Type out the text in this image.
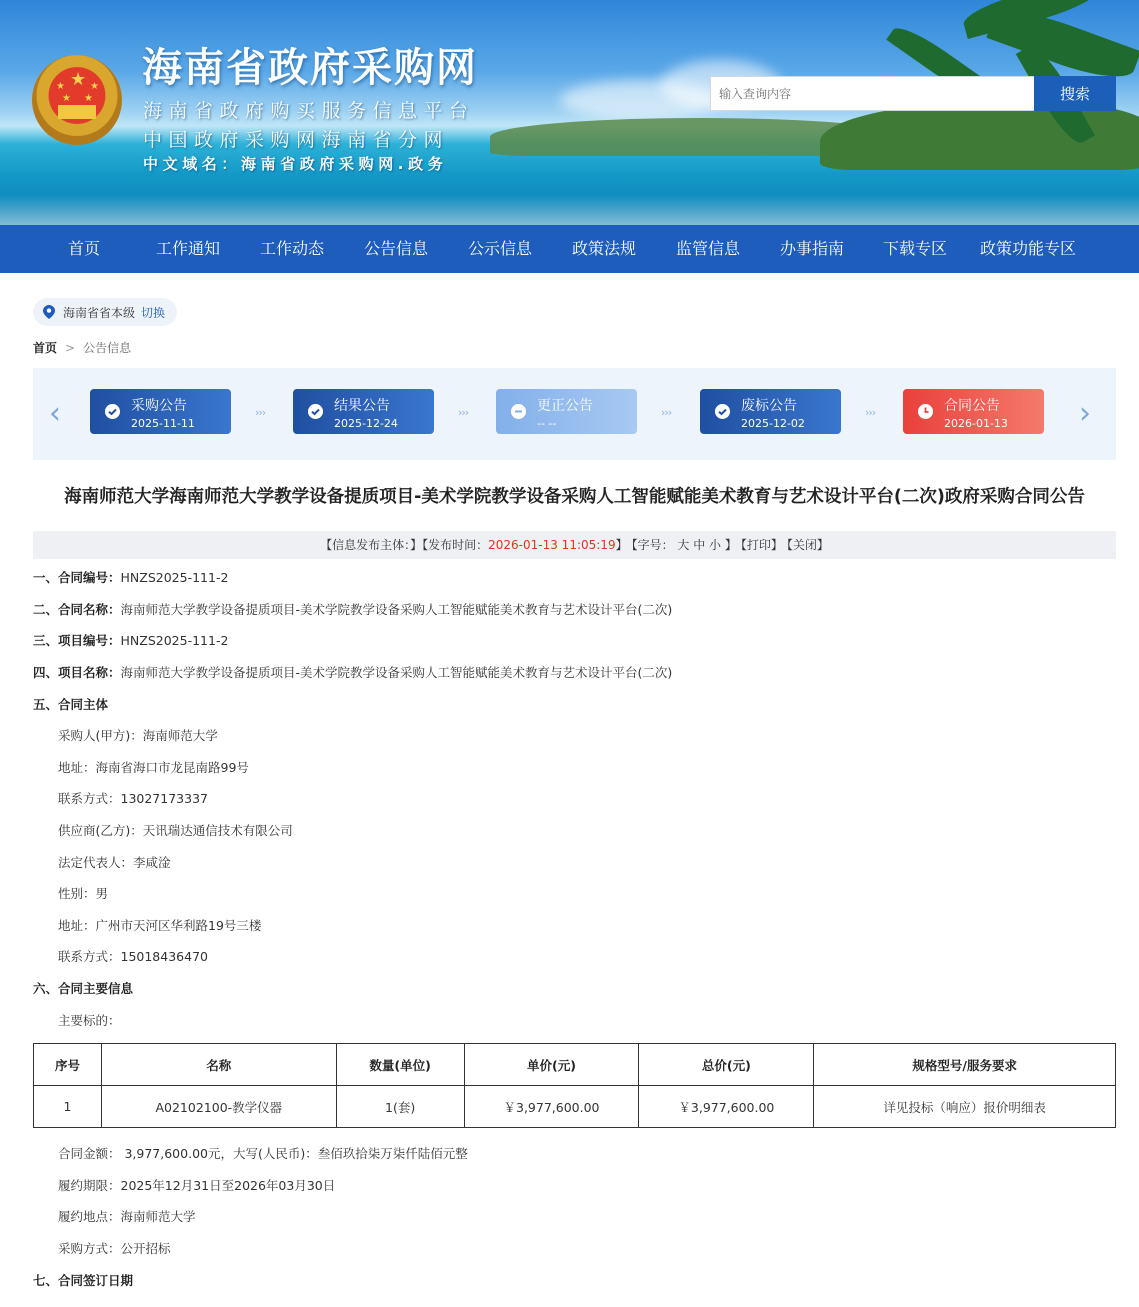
★
★	★
★ ★
海南省政府采购网
海南省政府购买服务信息平台
中国政府采购网海南省分网
中文域名：海南省政府采购网.政务
输入查询内容
搜索
首页	工作通知	工作动态	公告信息	公示信息	政策法规	监管信息	办事指南	下载专区	政策功能专区
海南省省本级 切换
首页 > 公告信息
‹	›
采购公告
2025-11-11
›››	结果公告
2025-12-24
›››	更正公告
-- --
›››	废标公告
2025-12-02
›››	合同公告
2026-01-13
海南师范大学海南师范大学教学设备提质项目-美术学院教学设备采购人工智能赋能美术教育与艺术设计平台(二次)政府采购合同公告
【信息发布主体：】【发布时间：2026-01-13 11:05:19】 【字号： 大 中 小 】 【打印】 【关闭】
一、合同编号：HNZS2025-111-2
二、合同名称：海南师范大学教学设备提质项目-美术学院教学设备采购人工智能赋能美术教育与艺术设计平台(二次)
三、项目编号：HNZS2025-111-2
四、项目名称：海南师范大学教学设备提质项目-美术学院教学设备采购人工智能赋能美术教育与艺术设计平台(二次)
五、合同主体
采购人(甲方)：海南师范大学
地址：海南省海口市龙昆南路99号
联系方式：13027173337
供应商(乙方)：天讯瑞达通信技术有限公司
法定代表人：李咸淦
性别：男
地址：广州市天河区华利路19号三楼
联系方式：15018436470
六、合同主要信息
主要标的：
序号	名称	数量(单位)	单价(元)	总价(元)	规格型号/服务要求
1	A02102100-教学仪器	1(套)	￥3,977,600.00	￥3,977,600.00	详见投标（响应）报价明细表
合同金额： 3,977,600.00元，大写(人民币)：叁佰玖拾柒万柒仟陆佰元整
履约期限：2025年12月31日至2026年03月30日
履约地点：海南师范大学
采购方式：公开招标
七、合同签订日期
